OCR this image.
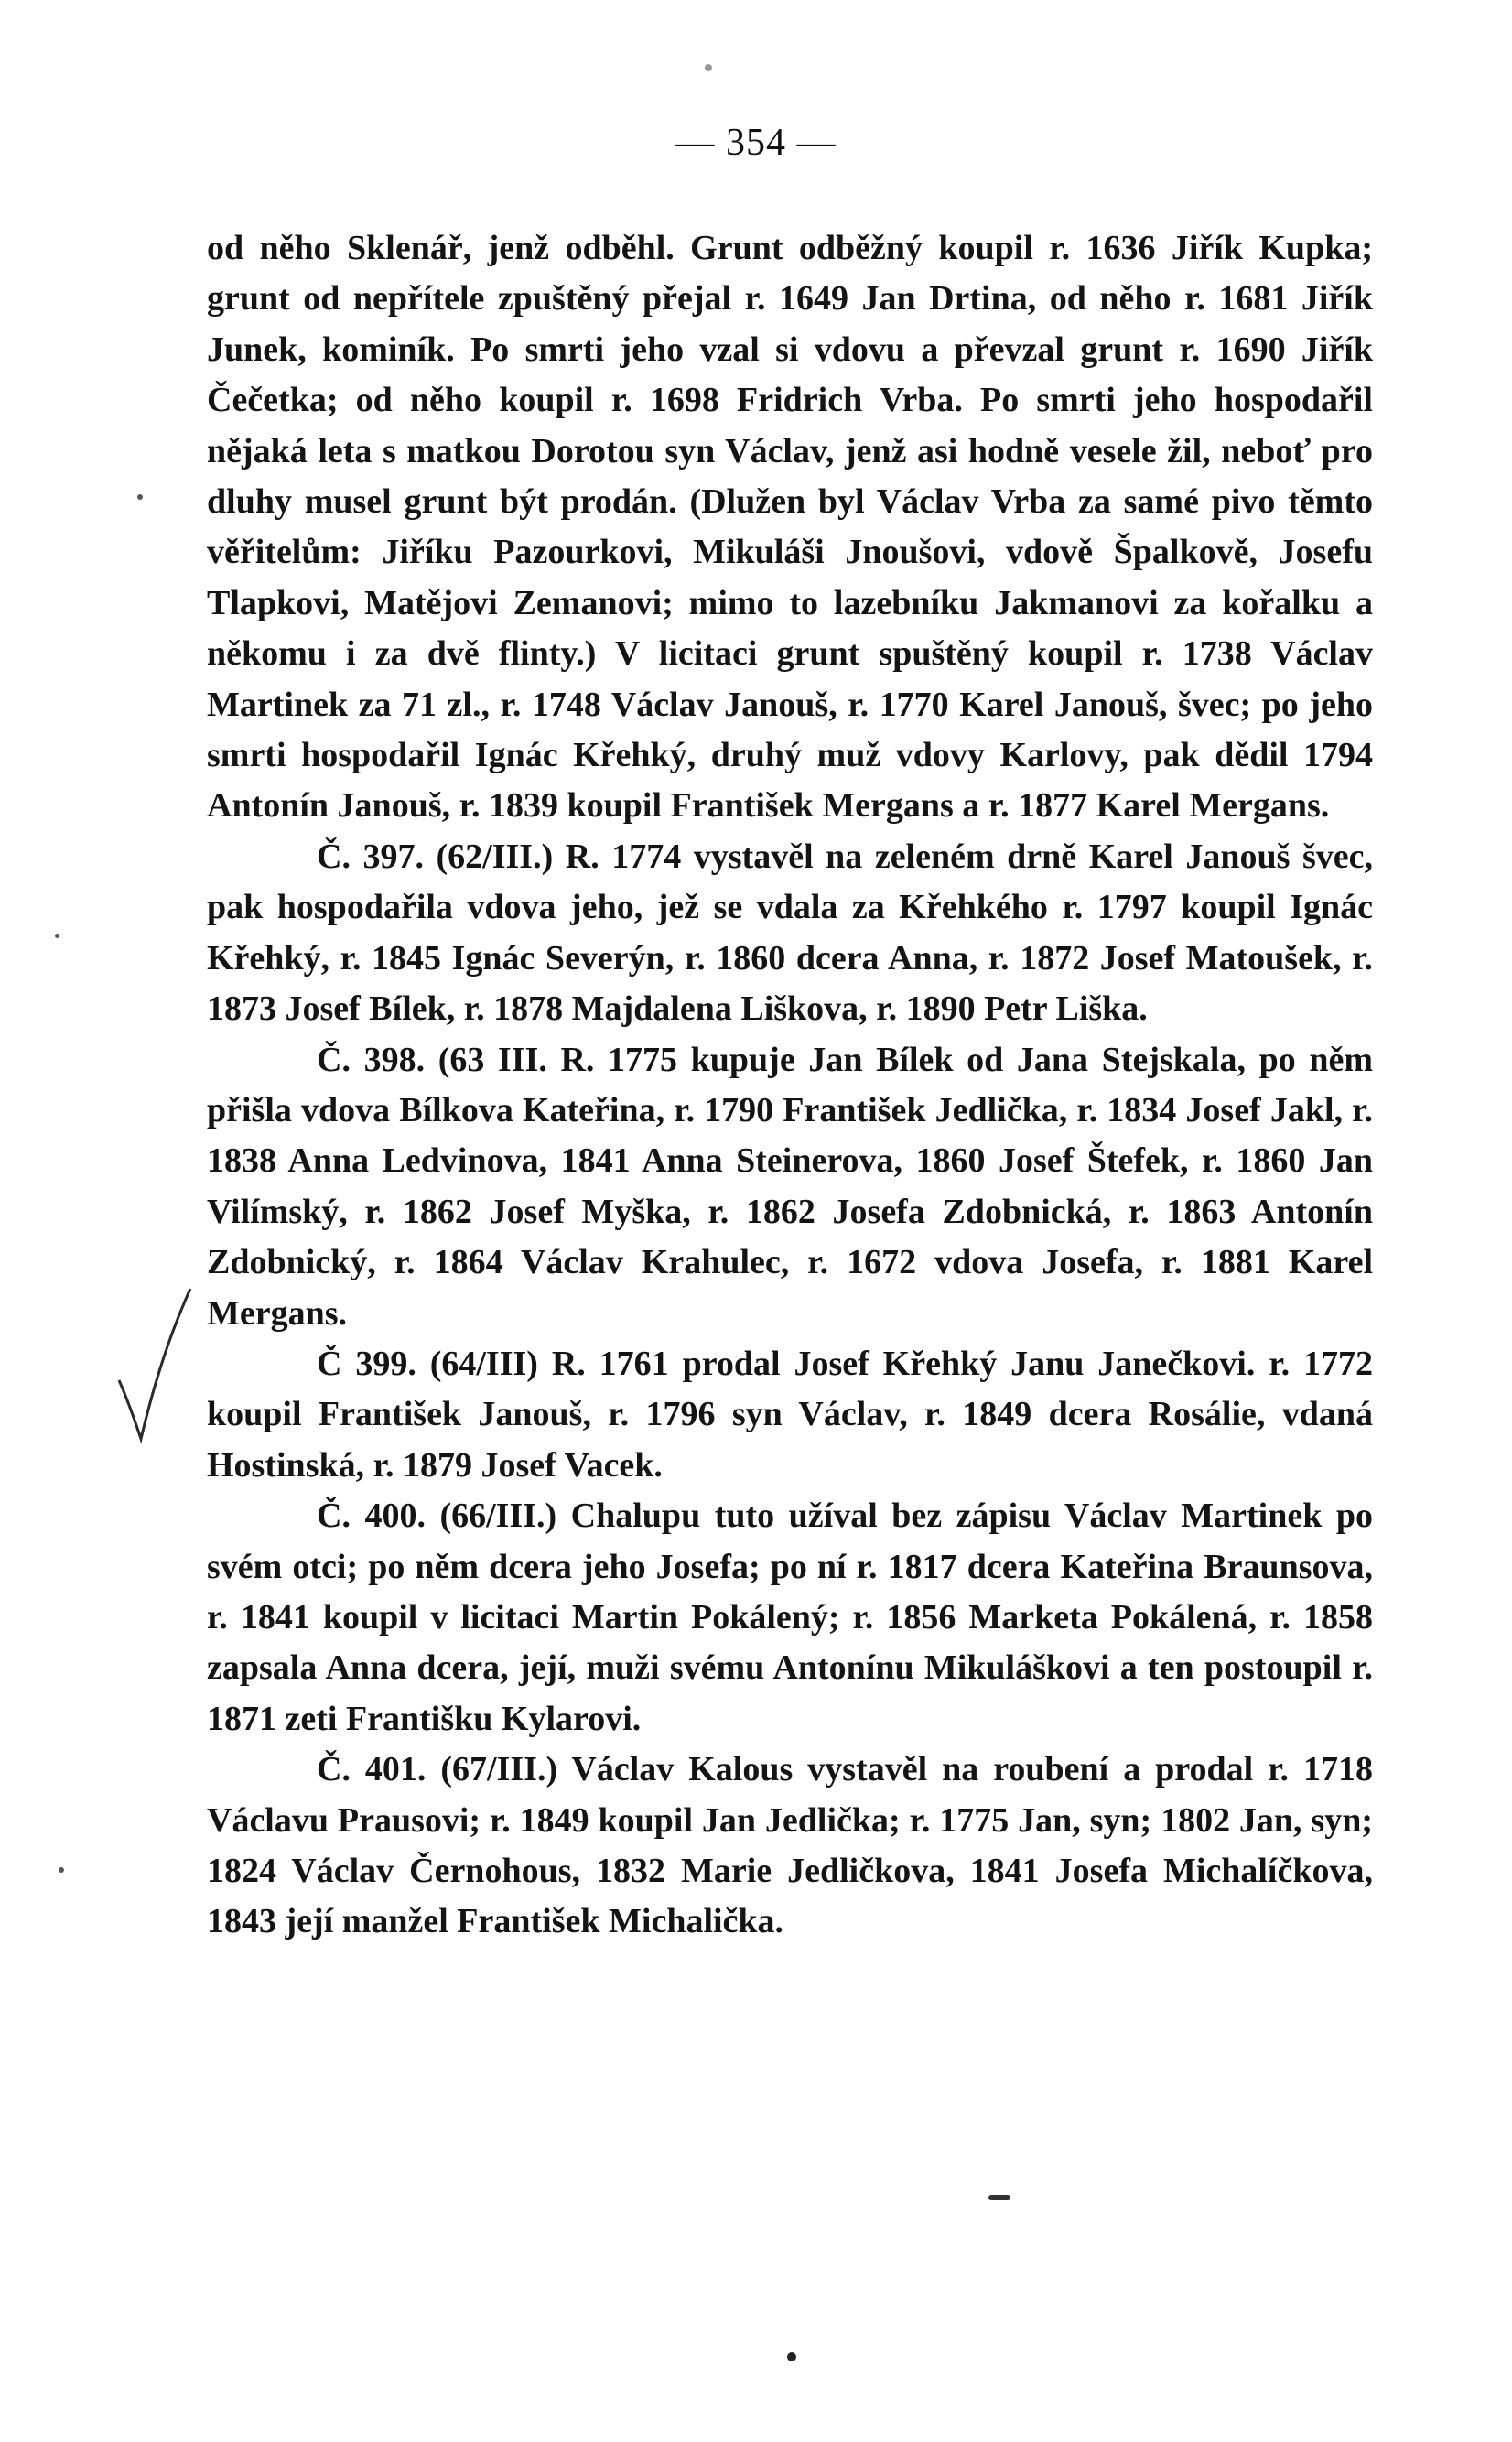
— 354 —

od něho Sklenář, jenž odběhl. Grunt odběžný koupil r. 1636 Jiřík Kupka; grunt od nepřítele zpuštěný přejal r. 1649 Jan Drtina, od něho r. 1681 Jiřík Junek, kominík. Po smrti jeho vzal si vdovu a převzal grunt r. 1690 Jiřík Čečetka; od něho koupil r. 1698 Fridrich Vrba. Po smrti jeho hospodařil nějaká leta s matkou Dorotou syn Václav, jenž asi hodně vesele žil, neboť pro dluhy musel grunt být prodán. (Dlužen byl Václav Vrba za samé pivo těmto věřitelům: Jiříku Pazourkovi, Mikuláši Jnoušovi, vdově Špalkově, Josefu Tlapkovi, Matějovi Zemanovi; mimo to lazebníku Jakmanovi za kořalku a někomu i za dvě flinty.) V licitaci grunt spuštěný koupil r. 1738 Václav Martinek za 71 zl., r. 1748 Václav Janouš, r. 1770 Karel Janouš, švec; po jeho smrti hospodařil Ignác Křehký, druhý muž vdovy Karlovy, pak dědil 1794 Antonín Janouš, r. 1839 koupil František Mergans a r. 1877 Karel Mergans.

Č. 397. (62/III.) R. 1774 vystavěl na zeleném drně Karel Janouš švec, pak hospodařila vdova jeho, jež se vdala za Křehkého r. 1797 koupil Ignác Křehký, r. 1845 Ignác Severýn, r. 1860 dcera Anna, r. 1872 Josef Matoušek, r. 1873 Josef Bílek, r. 1878 Majdalena Liškova, r. 1890 Petr Liška.

Č. 398. (63 III. R. 1775 kupuje Jan Bílek od Jana Stejskala, po něm přišla vdova Bílkova Kateřina, r. 1790 František Jedlička, r. 1834 Josef Jakl, r. 1838 Anna Ledvinova, 1841 Anna Steinerova, 1860 Josef Štefek, r. 1860 Jan Vilímský, r. 1862 Josef Myška, r. 1862 Josefa Zdobnická, r. 1863 Antonín Zdobnický, r. 1864 Václav Krahulec, r. 1672 vdova Josefa, r. 1881 Karel Mergans.

Č 399. (64/III) R. 1761 prodal Josef Křehký Janu Janečkovi. r. 1772 koupil František Janouš, r. 1796 syn Václav, r. 1849 dcera Rosálie, vdaná Hostinská, r. 1879 Josef Vacek.

Č. 400. (66/III.) Chalupu tuto užíval bez zápisu Václav Martinek po svém otci; po něm dcera jeho Josefa; po ní r. 1817 dcera Kateřina Braunsova, r. 1841 koupil v licitaci Martin Pokálený; r. 1856 Marketa Pokálená, r. 1858 zapsala Anna dcera, její, muži svému Antonínu Mikuláškovi a ten postoupil r. 1871 zeti Františku Kylarovi.

Č. 401. (67/III.) Václav Kalous vystavěl na roubení a prodal r. 1718 Václavu Prausovi; r. 1849 koupil Jan Jedlička; r. 1775 Jan, syn; 1802 Jan, syn; 1824 Václav Černohous, 1832 Marie Jedličkova, 1841 Josefa Michalíčkova, 1843 její manžel František Michalička.
